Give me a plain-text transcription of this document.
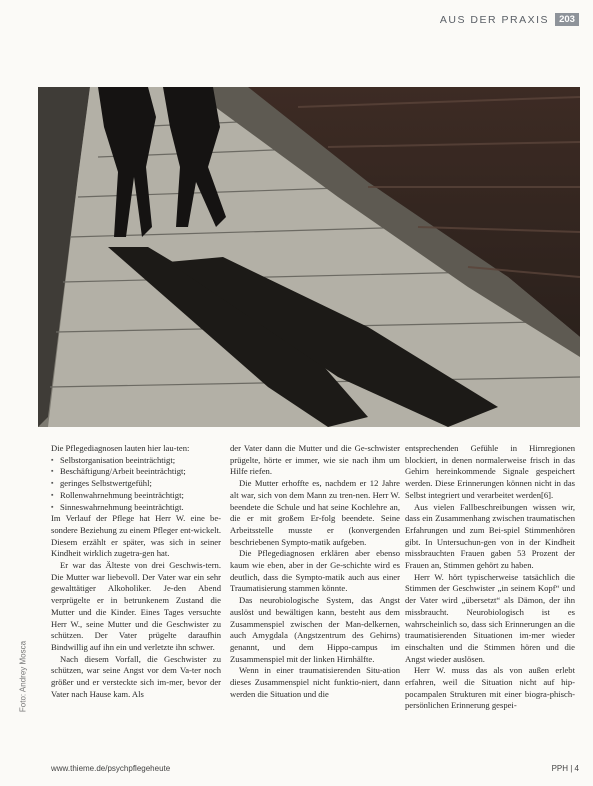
AUS DER PRAXIS	203
Foto: Andrey Mosca

Die Pflegediagnosen lauten hier lau-ten:

▪ Selbstorganisation beeinträchtigt;
▪ Beschäftigung/Arbeit beeinträchtigt;
▪ geringes Selbstwertgefühl;
▪ Rollenwahrnehmung beeinträchtigt;
▪ Sinneswahrnehmung beeinträchtigt.

Im Verlauf der Pflege hat Herr W. eine be-sondere Beziehung zu einem Pfleger ent-wickelt. Diesem erzählt er später, was sich in seiner Kindheit wirklich zugetra-gen hat.

Er war das Älteste von drei Geschwis-tern. Die Mutter war liebevoll. Der Vater war ein sehr gewalttätiger Alkoholiker. Je-den Abend verprügelte er in betrunkenem Zustand die Mutter und die Kinder. Eines Tages versuchte Herr W., seine Mutter und die Geschwister zu schützen. Der Vater prügelte daraufhin Bindwillig auf ihn ein und verletzte ihn schwer.

Nach diesem Vorfall, die Geschwister zu schützen, war seine Angst vor dem Va-ter noch größer und er versteckte sich im-mer, bevor der Vater nach Hause kam. Als

der Vater dann die Mutter und die Ge-schwister prügelte, hörte er immer, wie sie nach ihm um Hilfe riefen.

Die Mutter erhoffte es, nachdem er 12 Jahre alt war, sich von dem Mann zu tren-nen. Herr W. beendete die Schule und hat seine Kochlehre an, die er mit großem Er-folg beendete. Seine Arbeitsstelle musste er (konvergenden beschriebenen Sympto-matik aufgeben.

Die Pflegediagnosen erklären aber ebenso kaum wie eben, aber in der Ge-schichte wird es deutlich, dass die Sympto-matik auch aus einer Traumatisierung stammen könnte.

Das neurobiologische System, das Angst auslöst und bewältigen kann, besteht aus dem Zusammenspiel zwischen der Man-delkernen, auch Amygdala (Angstzentrum des Gehirns) genannt, und dem Hippo-campus im Zusammenspiel mit der linken Hirnhälfte.

Wenn in einer traumatisierenden Situ-ation dieses Zusammenspiel nicht funktio-niert, dann werden die Situation und die

entsprechenden Gefühle in Hirnregionen blockiert, in denen normalerweise frisch in das Gehirn hereinkommende Signale gespeichert werden. Diese Erinnerungen können nicht in das Selbst integriert und verarbeitet werden[6].

Aus vielen Fallbeschreibungen wissen wir, dass ein Zusammenhang zwischen traumatischen Erfahrungen und zum Bei-spiel Stimmenhören gibt. In Untersuchun-gen von in der Kindheit missbrauchten Frauen gaben 53 Prozent der Frauen an, Stimmen gehört zu haben.

Herr W. hört typischerweise tatsächlich die Stimmen der Geschwister „in seinem Kopf“ und der Vater wird „übersetzt“ als Dämon, der ihn missbraucht. Neurobiologisch ist es wahrscheinlich so, dass sich Erinnerungen an die traumatisierenden Situationen im-mer wieder einschalten und die Stimmen hören und die Angst wieder auslösen.

Herr W. muss das als von außen erlebt erfahren, weil die Situation nicht auf hip-pocampalen Strukturen mit einer biogra-phisch-persönlichen Erinnerung gespei-

www.thieme.de/psychpflegeheute	PPH | 4
